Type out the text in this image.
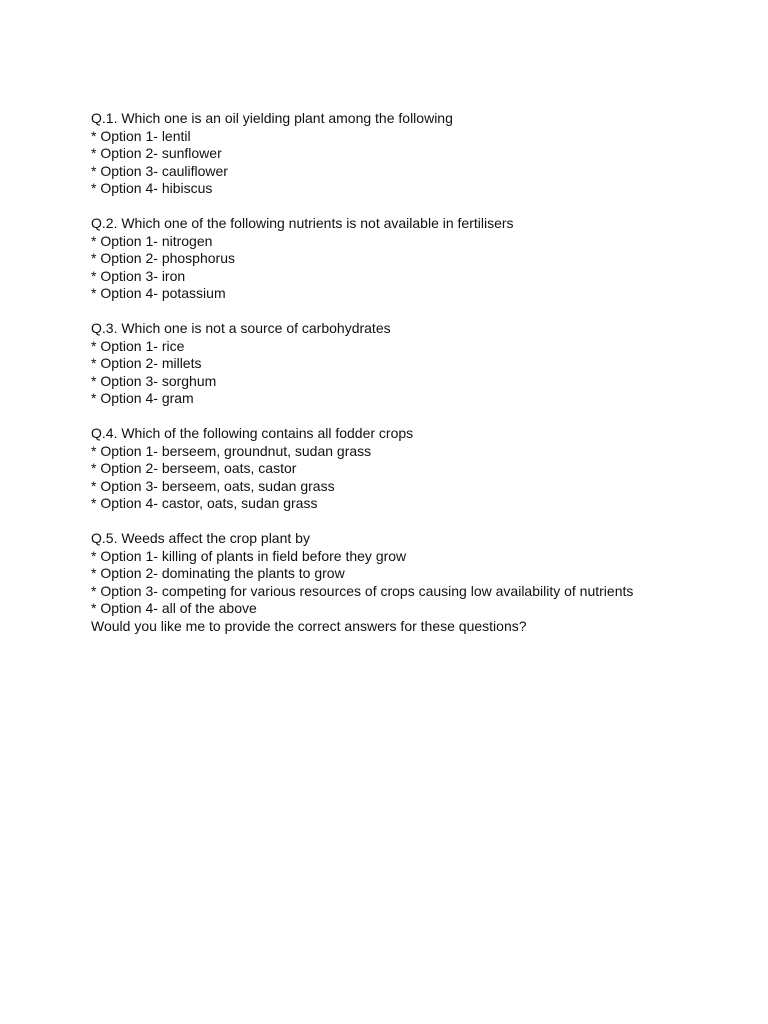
Q.1. Which one is an oil yielding plant among the following
* Option 1- lentil
* Option 2- sunflower
* Option 3- cauliflower
* Option 4- hibiscus
Q.2. Which one of the following nutrients is not available in fertilisers
* Option 1- nitrogen
* Option 2- phosphorus
* Option 3- iron
* Option 4- potassium
Q.3. Which one is not a source of carbohydrates
* Option 1- rice
* Option 2- millets
* Option 3- sorghum
* Option 4- gram
Q.4. Which of the following contains all fodder crops
* Option 1- berseem, groundnut, sudan grass
* Option 2- berseem, oats, castor
* Option 3- berseem, oats, sudan grass
* Option 4- castor, oats, sudan grass
Q.5. Weeds affect the crop plant by
* Option 1- killing of plants in field before they grow
* Option 2- dominating the plants to grow
* Option 3- competing for various resources of crops causing low availability of nutrients
* Option 4- all of the above
Would you like me to provide the correct answers for these questions?
